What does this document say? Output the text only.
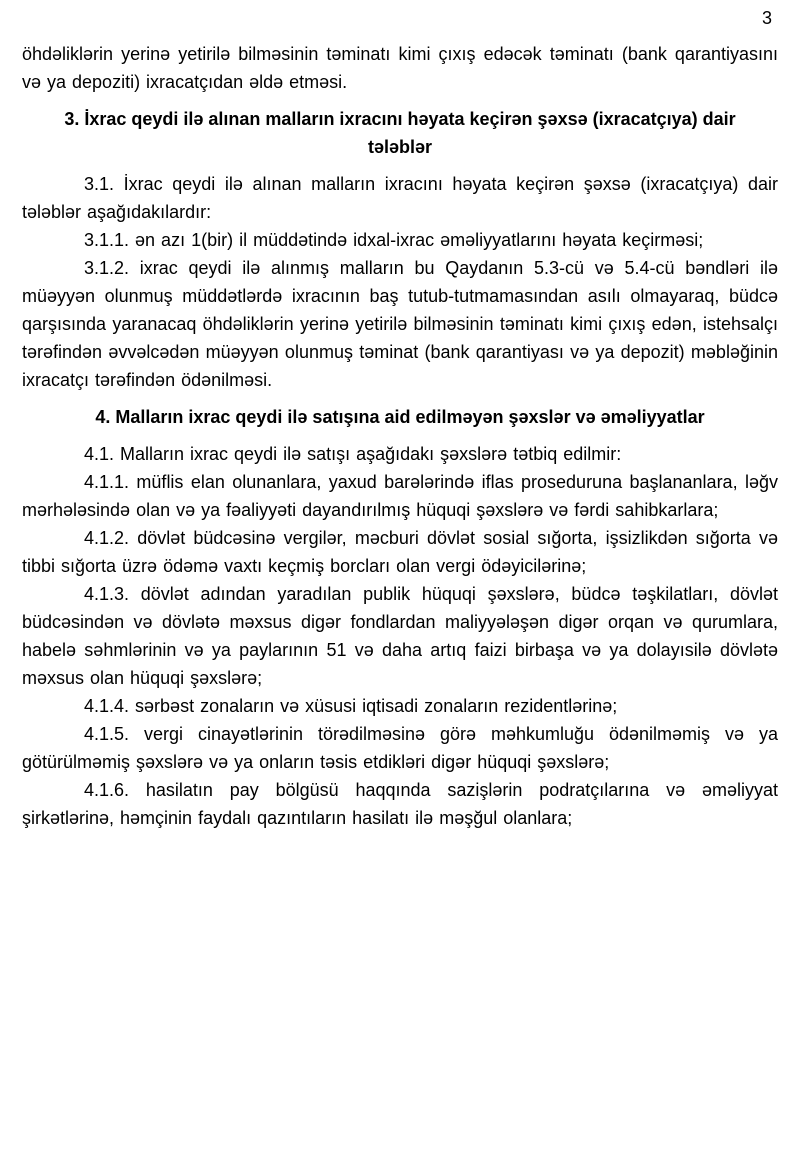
3

öhdəliklərin yerinə yetirilə bilməsinin təminatı kimi çıxış edəcək təminatı (bank qarantiyasını və ya depoziti) ixracatçıdan əldə etməsi.

3. İxrac qeydi ilə alınan malların ixracını həyata keçirən şəxsə (ixracatçıya) dair tələblər

3.1. İxrac qeydi ilə alınan malların ixracını həyata keçirən şəxsə (ixracatçıya) dair tələblər aşağıdakılardır:

3.1.1. ən azı 1(bir) il müddətində idxal-ixrac əməliyyatlarını həyata keçirməsi;

3.1.2. ixrac qeydi ilə alınmış malların bu Qaydanın 5.3-cü və 5.4-cü bəndləri ilə müəyyən olunmuş müddətlərdə ixracının baş tutub-tutmamasından asılı olmayaraq, büdcə qarşısında yaranacaq öhdəliklərin yerinə yetirilə bilməsinin təminatı kimi çıxış edən, istehsalçı tərəfindən əvvəlcədən müəyyən olunmuş təminat (bank qarantiyası və ya depozit) məbləğinin ixracatçı tərəfindən ödənilməsi.

4. Malların ixrac qeydi ilə satışına aid edilməyən şəxslər və əməliyyatlar

4.1. Malların ixrac qeydi ilə satışı aşağıdakı şəxslərə tətbiq edilmir:

4.1.1. müflis elan olunanlara, yaxud barələrində iflas proseduruna başlananlara, ləğv mərhələsində olan və ya fəaliyyəti dayandırılmış hüquqi şəxslərə və fərdi sahibkarlara;

4.1.2. dövlət büdcəsinə vergilər, məcburi dövlət sosial sığorta, işsizlikdən sığorta və tibbi sığorta üzrə ödəmə vaxtı keçmiş borcları olan vergi ödəyicilərinə;

4.1.3. dövlət adından yaradılan publik hüquqi şəxslərə, büdcə təşkilatları, dövlət büdcəsindən və dövlətə məxsus digər fondlardan maliyyələşən digər orqan və qurumlara, habelə səhmlərinin və ya paylarının 51 və daha artıq faizi birbaşa və ya dolayısilə dövlətə məxsus olan hüquqi şəxslərə;

4.1.4. sərbəst zonaların və xüsusi iqtisadi zonaların rezidentlərinə;

4.1.5. vergi cinayətlərinin törədilməsinə görə məhkumluğu ödənilməmiş və ya götürülməmiş şəxslərə və ya onların təsis etdikləri digər hüquqi şəxslərə;

4.1.6. hasilatın pay bölgüsü haqqında sazişlərin podratçılarına və əməliyyat şirkətlərinə, həmçinin faydalı qazıntıların hasilatı ilə məşğul olanlara;
